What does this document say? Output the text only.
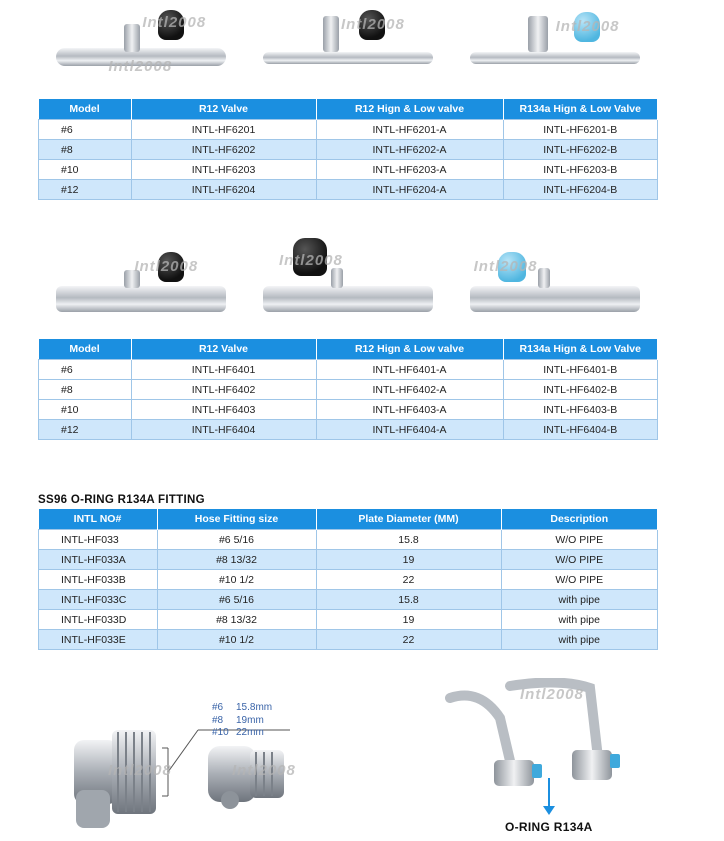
Intl2008
Intl2008
Intl2008	Intl2008
Model	R12 Valve	R12 Hign & Low valve	R134a Hign & Low Valve
#6	INTL-HF6201	INTL-HF6201-A	INTL-HF6201-B
#8	INTL-HF6202	INTL-HF6202-A	INTL-HF6202-B
#10	INTL-HF6203	INTL-HF6203-A	INTL-HF6203-B
#12	INTL-HF6204	INTL-HF6204-A	INTL-HF6204-B
Intl2008	Intl2008	Intl2008
Model	R12 Valve	R12 Hign & Low valve	R134a Hign & Low Valve
#6	INTL-HF6401	INTL-HF6401-A	INTL-HF6401-B
#8	INTL-HF6402	INTL-HF6402-A	INTL-HF6402-B
#10	INTL-HF6403	INTL-HF6403-A	INTL-HF6403-B
#12	INTL-HF6404	INTL-HF6404-A	INTL-HF6404-B
SS96 O-RING R134A FITTING
INTL NO#	Hose Fitting size	Plate Diameter (MM)	Description
INTL-HF033	#6 5/16	15.8	W/O PIPE
INTL-HF033A	#8 13/32	19	W/O PIPE
INTL-HF033B	#10 1/2	22	W/O PIPE
INTL-HF033C	#6 5/16	15.8	with pipe
INTL-HF033D	#8 13/32	19	with pipe
INTL-HF033E	#10 1/2	22	with pipe
Intl2008	Intl2008
#6 15.8mm
#8 19mm
#10 22mm
Intl2008
O-RING R134A
